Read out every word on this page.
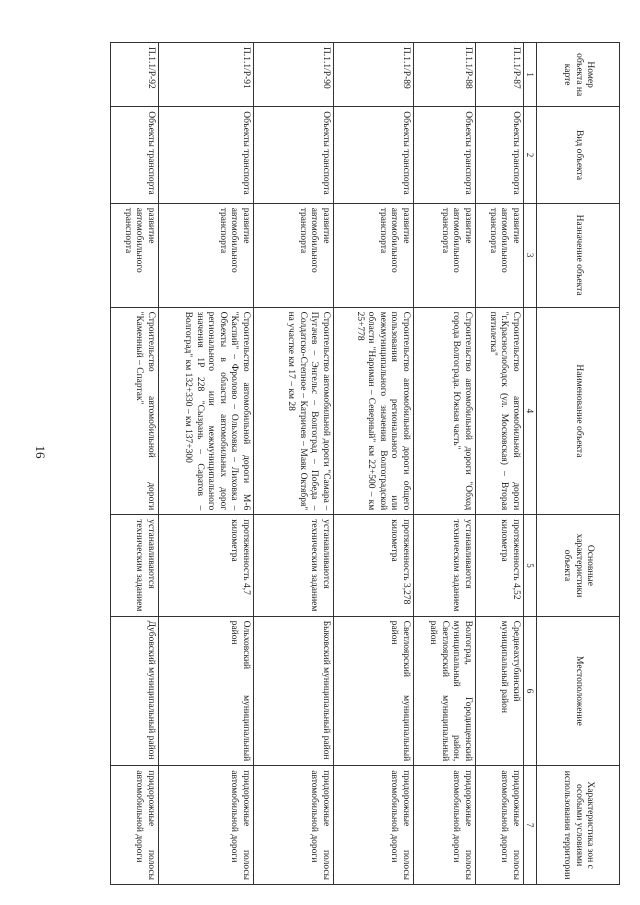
16
Номер объекта на карте	Вид объекта	Назначение объекта	Наименование объекта	Основные характеристики объекта	Местоположение	Характеристика зон с особыми условиями использования территории
1	2	3	4	5	6	7
П.1.1/Р-87	Объекты транспорта	развитие автомобильного транспорта	Строительство автомобильной дороги "г.Краснослободск (ул. Московская) – Вторая пятилетка"	протяженность 4,52 километра	Среднеахтубинский муниципальный район	придорожные полосы автомобильной дороги
П.1.1/Р-88	Объекты транспорта	развитие автомобильного транспорта	Строительство автомобильной дороги "Обход города Волгограда. Южная часть"	устанавливаются техническим заданием	Волгоград, Городищенский муниципальный район, Светлоярский муниципальный район	придорожные полосы автомобильной дороги
П.1.1/Р-89	Объекты транспорта	развитие автомобильного транспорта	Строительство автомобильной дороги общего пользования регионального или межмуниципального значения Волгоградской области "Нариман – Северный" км 22+500 – км 25+778	протяженность 3,278 километра	Светлоярский муниципальный район	придорожные полосы автомобильной дороги
П.1.1/Р-90	Объекты транспорта	развитие автомобильного транспорта	Строительство автомобильной дороги "Самара – Пугачев – Энгельс – Волгоград – Победа – Солдатско-Степное – Катричев – Маяк Октября" на участке км 17 – км 28	устанавливаются техническим заданием	Быковский муниципальный район	придорожные полосы автомобильной дороги
П.1.1/Р-91	Объекты транспорта	развитие автомобильного транспорта	Строительство автомобильной дороги М-6 "Каспий" – Фролово – Ольховка – Лиховка – Объекты в области автомобильных дорог регионального или межмуниципального значения 1Р 228 "Сызрань – Саратов – Волгоград" км 132+330 – км 137+300	протяженность 4,7 километра	Ольховский муниципальный район	придорожные полосы автомобильной дороги
П.1.1/Р-92	Объекты транспорта	развитие автомобильного транспорта	Строительство автомобильной дороги "Каменный – Спартак"	устанавливаются техническим заданием	Дубовский муниципальный район	придорожные полосы автомобильной дороги
